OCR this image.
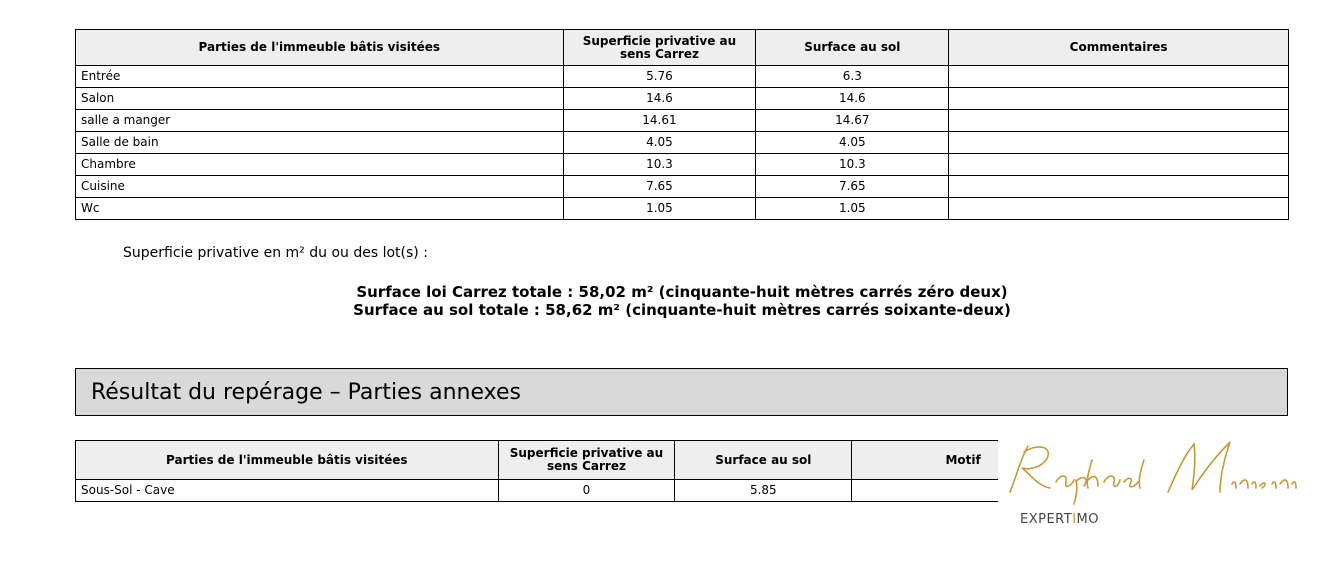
Parties de l'immeuble bâtis visitées	Superficie privative au sens Carrez	Surface au sol	Commentaires
Entrée	5.76	6.3	
Salon	14.6	14.6	
salle a manger	14.61	14.67	
Salle de bain	4.05	4.05	
Chambre	10.3	10.3	
Cuisine	7.65	7.65	
Wc	1.05	1.05	
Superficie privative en m² du ou des lot(s) :
Surface loi Carrez totale : 58,02 m² (cinquante-huit mètres carrés zéro deux)
Surface au sol totale : 58,62 m² (cinquante-huit mètres carrés soixante-deux)
Résultat du repérage – Parties annexes
Parties de l'immeuble bâtis visitées	Superficie privative au sens Carrez	Surface au sol	Motif
Sous-Sol - Cave	0	5.85	
EXPERTIMO
